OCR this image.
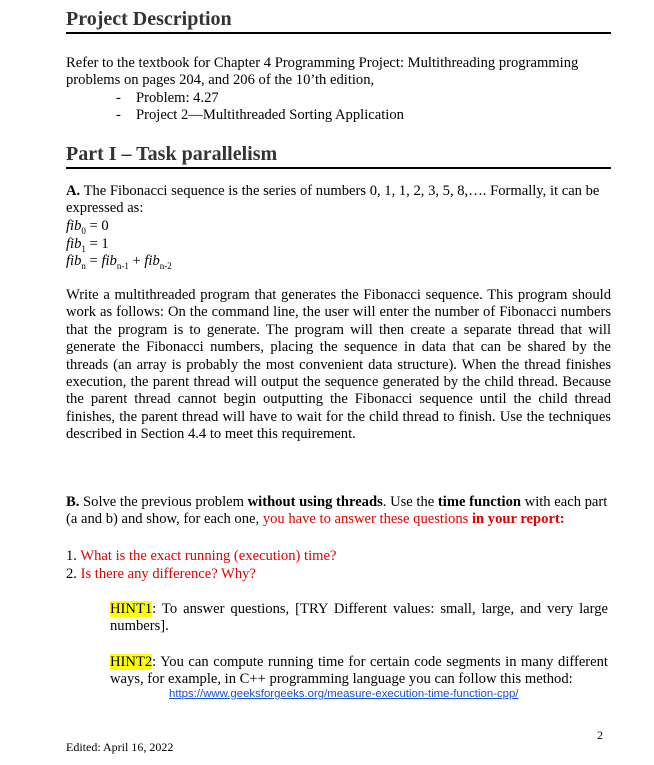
Project Description
Refer to the textbook for Chapter 4 Programming Project: Multithreading programming
problems on pages 204, and 206 of the 10’th edition,
- Problem: 4.27
- Project 2—Multithreaded Sorting Application
Part I – Task parallelism
A. The Fibonacci sequence is the series of numbers 0, 1, 1, 2, 3, 5, 8,…. Formally, it can be expressed as:
fib$_0$ = 0
fib$_1$ = 1
fib$_n$ = fib$_{n-1}$ + fib$_{n-2}$
Write a multithreaded program that generates the Fibonacci sequence. This program should work as follows: On the command line, the user will enter the number of Fibonacci numbers that the program is to generate. The program will then create a separate thread that will generate the Fibonacci numbers, placing the sequence in data that can be shared by the threads (an array is probably the most convenient data structure). When the thread finishes execution, the parent thread will output the sequence generated by the child thread. Because the parent thread cannot begin outputting the Fibonacci sequence until the child thread finishes, the parent thread will have to wait for the child thread to finish. Use the techniques described in Section 4.4 to meet this requirement.
B. Solve the previous problem without using threads. Use the time function with each part (a and b) and show, for each one, you have to answer these questions in your report:
1. What is the exact running (execution) time?
2. Is there any difference? Why?
HINT1: To answer questions, [TRY Different values: small, large, and very large numbers].
HINT2: You can compute running time for certain code segments in many different ways, for example, in C++ programming language you can follow this method:
https://www.geeksforgeeks.org/measure-execution-time-function-cpp/
2
Edited: April 16, 2022
